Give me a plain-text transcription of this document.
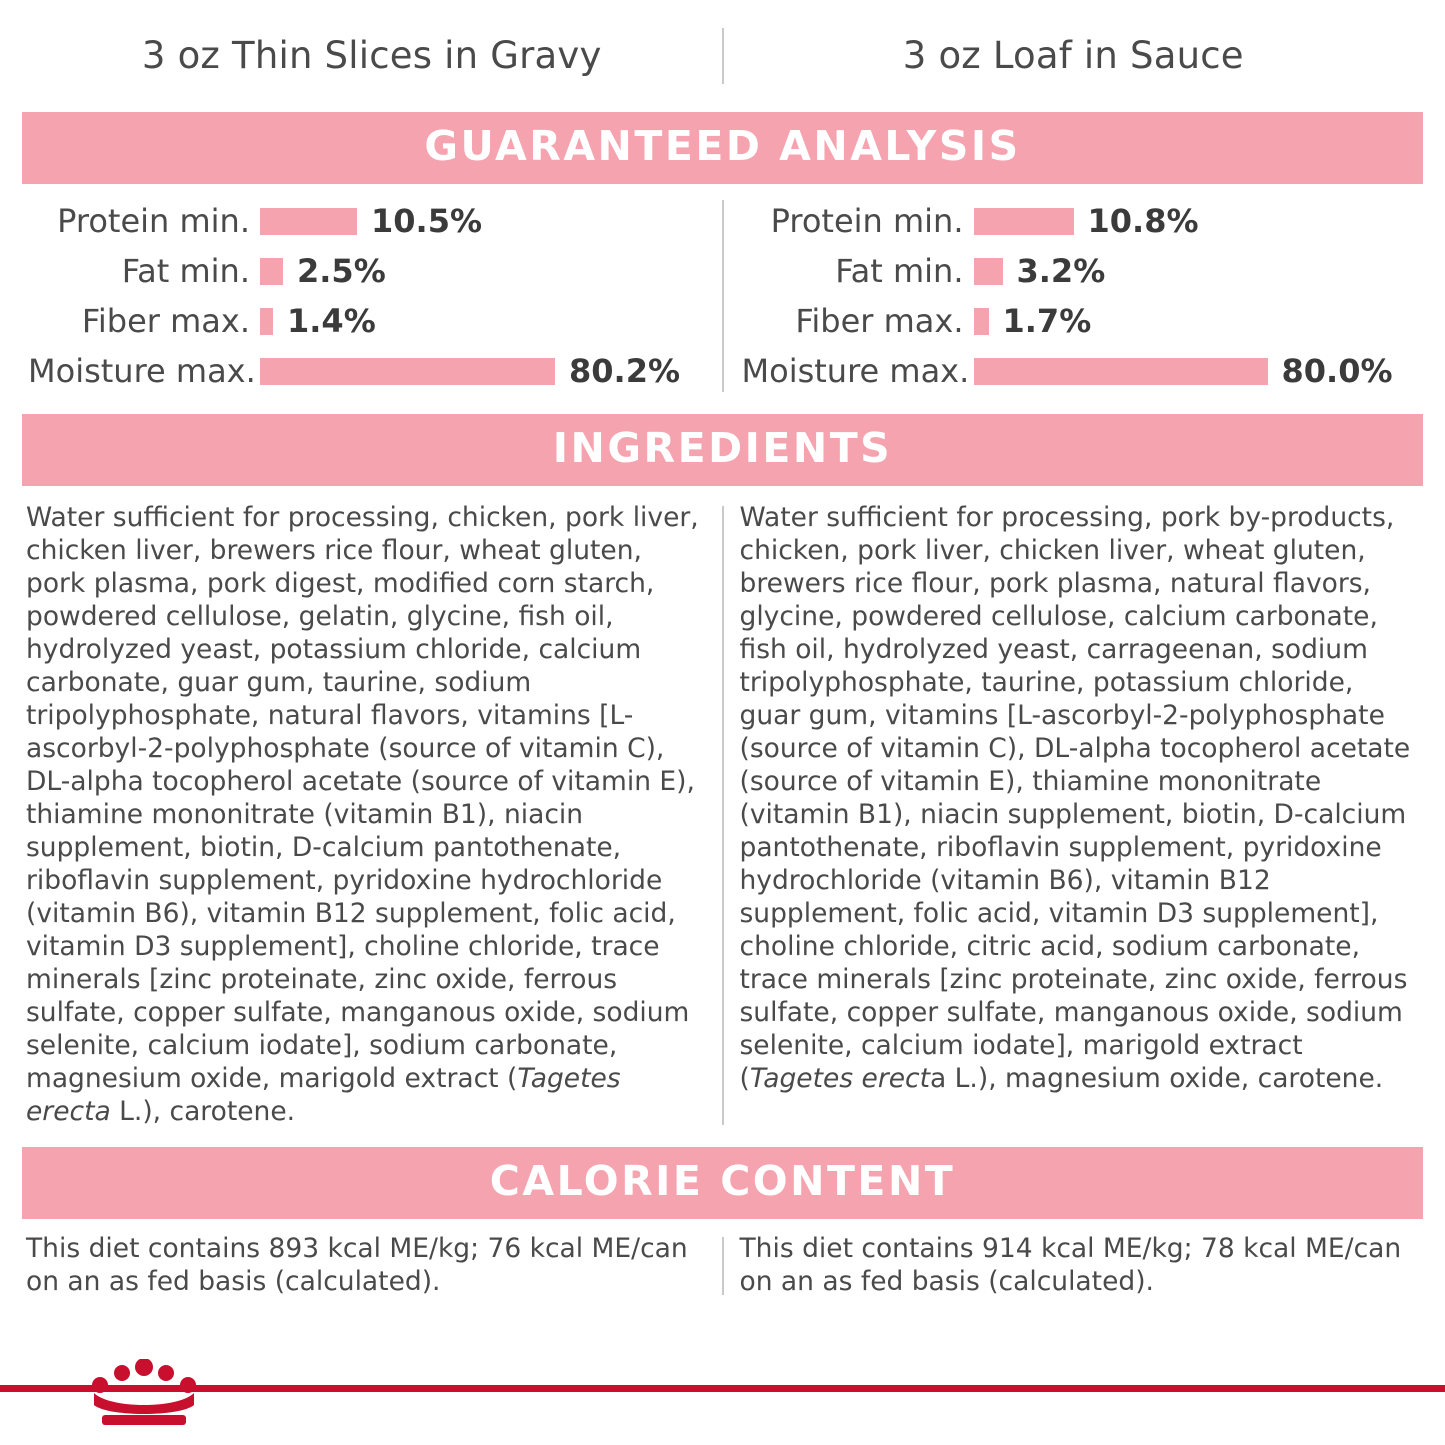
3 oz Thin Slices in Gravy	3 oz Loaf in Sauce
GUARANTEED ANALYSIS
Protein min.	10.5%
Fat min.	2.5%
Fiber max.	1.4%
Moisture max.	80.2%
Protein min.	10.8%
Fat min.	3.2%
Fiber max.	1.7%
Moisture max.	80.0%
INGREDIENTS
Water sufficient for processing, chicken, pork liver, chicken liver, brewers rice flour, wheat gluten, pork plasma, pork digest, modified corn starch, powdered cellulose, gelatin, glycine, fish oil, hydrolyzed yeast, potassium chloride, calcium carbonate, guar gum, taurine, sodium tripolyphosphate, natural flavors, vitamins [L-ascorbyl-2-polyphosphate (source of vitamin C), DL-alpha tocopherol acetate (source of vitamin E), thiamine mononitrate (vitamin B1), niacin supplement, biotin, D-calcium pantothenate, riboflavin supplement, pyridoxine hydrochloride (vitamin B6), vitamin B12 supplement, folic acid, vitamin D3 supplement], choline chloride, trace minerals [zinc proteinate, zinc oxide, ferrous sulfate, copper sulfate, manganous oxide, sodium selenite, calcium iodate], sodium carbonate, magnesium oxide, marigold extract (Tagetes erecta L.), carotene.
Water sufficient for processing, pork by-products, chicken, pork liver, chicken liver, wheat gluten, brewers rice flour, pork plasma, natural flavors, glycine, powdered cellulose, calcium carbonate, fish oil, hydrolyzed yeast, carrageenan, sodium tripolyphosphate, taurine, potassium chloride, guar gum, vitamins [L-ascorbyl-2-polyphosphate (source of vitamin C), DL-alpha tocopherol acetate (source of vitamin E), thiamine mononitrate (vitamin B1), niacin supplement, biotin, D-calcium pantothenate, riboflavin supplement, pyridoxine hydrochloride (vitamin B6), vitamin B12 supplement, folic acid, vitamin D3 supplement], choline chloride, citric acid, sodium carbonate, trace minerals [zinc proteinate, zinc oxide, ferrous sulfate, copper sulfate, manganous oxide, sodium selenite, calcium iodate], marigold extract (Tagetes erecta L.), magnesium oxide, carotene.
CALORIE CONTENT
This diet contains 893 kcal ME/kg; 76 kcal ME/can on an as fed basis (calculated).
This diet contains 914 kcal ME/kg; 78 kcal ME/can on an as fed basis (calculated).
